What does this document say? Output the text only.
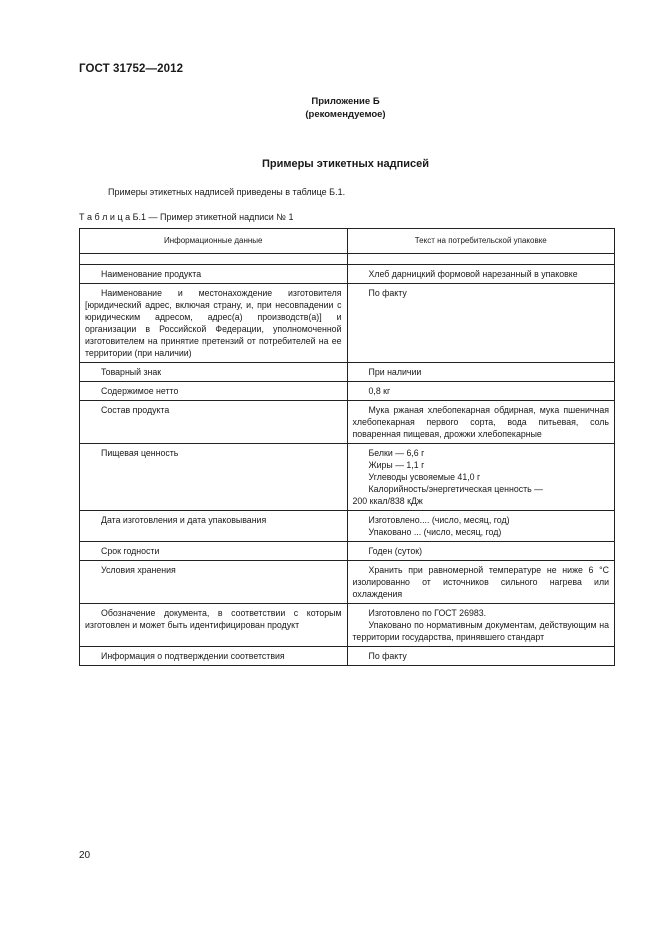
ГОСТ 31752—2012
Приложение Б
(рекомендуемое)
Примеры этикетных надписей
Примеры этикетных надписей приведены в таблице Б.1.
Т а б л и ц а Б.1 — Пример этикетной надписи № 1
Информационные данные	Текст на потребительской упаковке

Наименование продукта	Хлеб дарницкий формовой нарезанный в упаковке
Наименование и местонахождение изготовителя [юридический адрес, включая страну, и, при несовпадении с юридическим адресом, адрес(а) производств(а)] и организации в Российской Федерации, уполномоченной изготовителем на принятие претензий от потребителей на ее территории (при наличии)	По факту
Товарный знак	При наличии
Содержимое нетто	0,8 кг
Состав продукта	Мука ржаная хлебопекарная обдирная, мука пшеничная хлебопекарная первого сорта, вода питьевая, соль поваренная пищевая, дрожжи хлебопекарные
Пищевая ценность	Белки — 6,6 г
Жиры — 1,1 г
Углеводы усвояемые 41,0 г
Калорийность/энергетическая ценность —
200 ккал/838 кДж

Дата изготовления и дата упаковывания	Изготовлено.... (число, месяц, год)
Упаковано ... (число, месяц, год)

Срок годности	Годен (суток)
Условия хранения	Хранить при равномерной температуре не ниже 6 °С изолированно от источников сильного нагрева или охлаждения
Обозначение документа, в соответствии с которым изготовлен и может быть идентифицирован продукт	Изготовлено по ГОСТ 26983.
Упаковано по нормативным документам, действующим на территории государства, принявшего стандарт

Информация о подтверждении соответствия	По факту
20
